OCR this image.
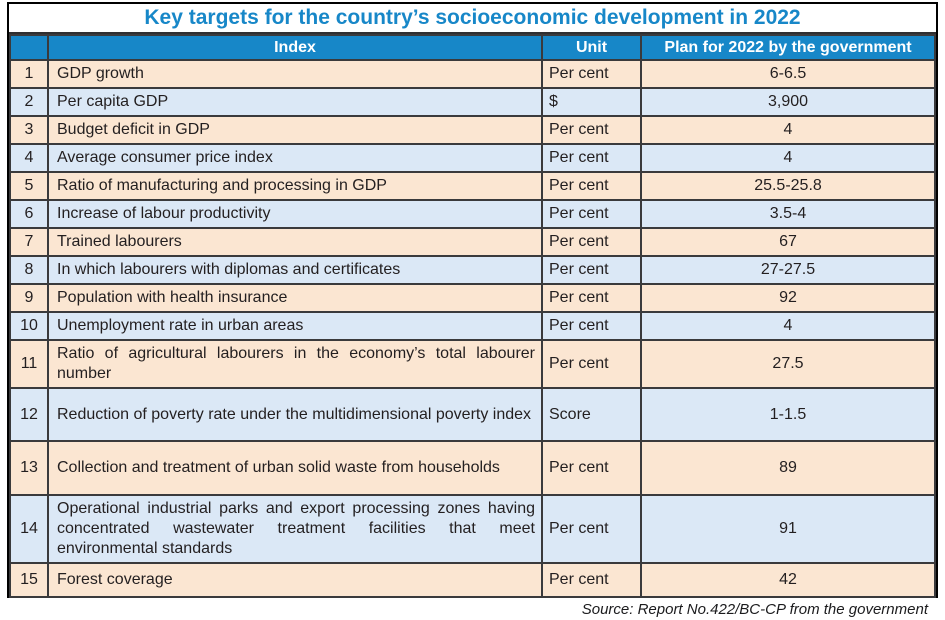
Key targets for the country’s socioeconomic development in 2022
	Index	Unit	Plan for 2022 by the government
1	GDP growth	Per cent	6-6.5
2	Per capita GDP	$	3,900
3	Budget deficit in GDP	Per cent	4
4	Average consumer price index	Per cent	4
5	Ratio of manufacturing and processing in GDP	Per cent	25.5-25.8
6	Increase of labour productivity	Per cent	3.5-4
7	Trained labourers	Per cent	67
8	In which labourers with diplomas and certificates	Per cent	27-27.5
9	Population with health insurance	Per cent	92
10	Unemployment rate in urban areas	Per cent	4
11	Ratio of agricultural labourers in the economy’s total labourer number	Per cent	27.5
12	Reduction of poverty rate under the multidimensional poverty index	Score	1-1.5
13	Collection and treatment of urban solid waste from households	Per cent	89
14	Operational industrial parks and export processing zones having concentrated wastewater treatment facilities that meet environmental standards	Per cent	91
15	Forest coverage	Per cent	42
Source: Report No.422/BC-CP from the government
